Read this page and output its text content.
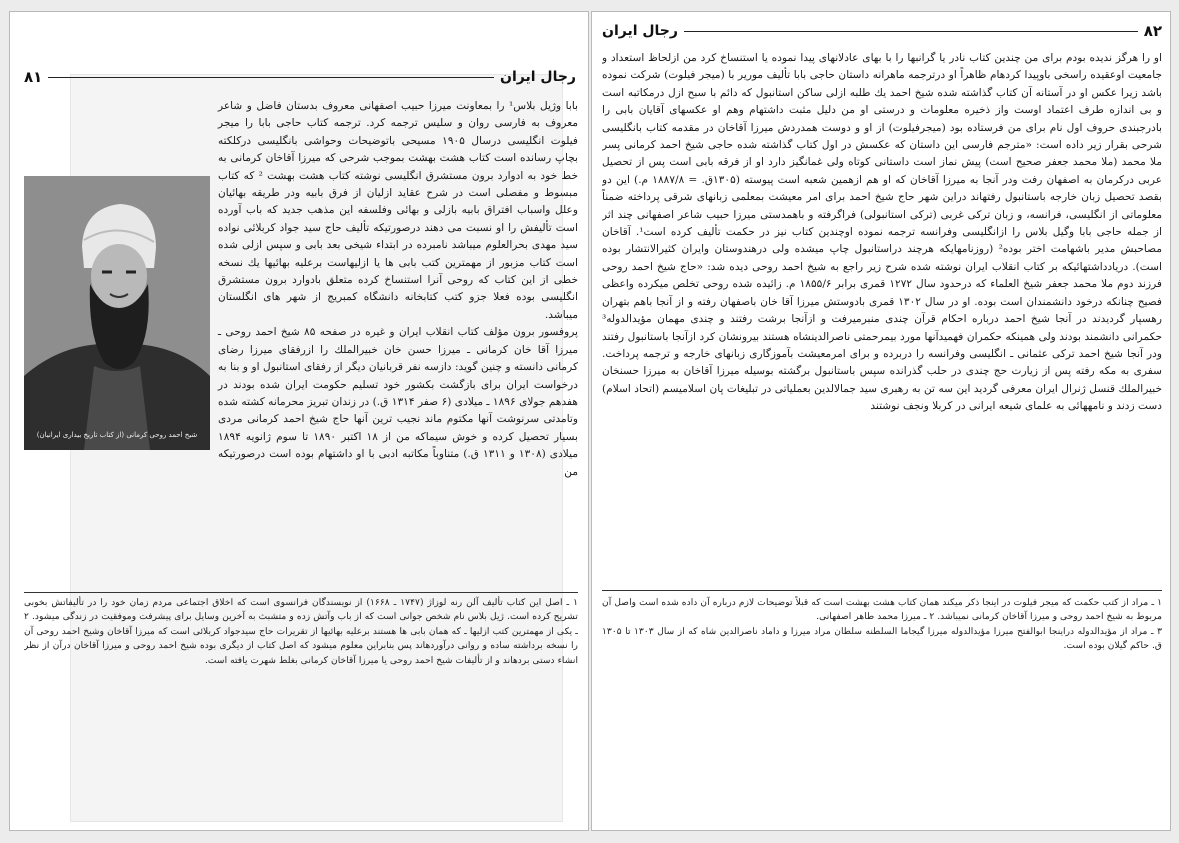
رجال ایران
۸۱
شیخ احمد روحی کرمانی (از کتاب تاریخ بیداری ایرانیان)

بابا وژیل بلاس¹ را بمعاونت میرزا حبیب اصفهانی معروف بدستان فاضل و شاعر معروف به فارسی روان و سلیس ترجمه کرد. ترجمه کتاب حاجی بابا را میجر فیلوت انگلیسی درسال ۱۹۰۵ مسیحی باتوضیحات وحواشی بانگلیسی درکلکته بچاپ رسانده است کتاب هشت بهشت بموجب شرحی که میرزا آقاخان کرمانی به خط خود به ادوارد برون مستشرق انگلیسی نوشته کتاب هشت بهشت ² که کتاب مبسوط و مفصلی است در شرح عقاید ازلیان از فرق بابیه ودر طریقه بهائیان وعلل واسباب افتراق بابیه بازلی و بهائی وفلسفه این مذهب جدید که باب آورده است تألیفش را او نسبت می دهند درصورتیکه تألیف حاج سید جواد کربلائی نواده سید مهدی بحرالعلوم میباشد نامبرده در ابتداء شیخی بعد بابی و سپس ازلی شده است کتاب مزبور از مهمترین کتب بابی ها یا ازلیهاست برعلیه بهائیها یك نسخه خطی از این کتاب که روحی آنرا استنساخ کرده متعلق بادوارد برون مستشرق انگلیسی بوده فعلا جزو کتب کتابخانه دانشگاه کمبریج از شهر های انگلستان میباشد.

پروفسور برون مؤلف کتاب انقلاب ایران و غیره در صفحه ۸۵ شیخ احمد روحی ـ میرزا آقا خان کرمانی ـ میرزا حسن خان خبیرالملك را ازرفقای میرزا رضای کرمانی دانسته و چنین گوید: دازسه نفر قربانیان دیگر از رفقای استانبول او و بنا به درخواست ایران برای بازگشت بکشور خود تسلیم حکومت ایران شده بودند در هفدهم جولای ۱۸۹۶ ـ میلادی (۶ صفر ۱۳۱۴ ق.) در زندان تبریز محرمانه کشته شده وتامدتی سرنوشت آنها مکتوم ماند نجیب ترین آنها حاج شیخ احمد کرمانی مردی بسیار تحصیل کرده و خوش سیماکه من از ۱۸ اکتبر ۱۸۹۰ تا سوم ژانویه ۱۸۹۴ میلادی (۱۳۰۸ و ۱۳۱۱ ق.) متناوباً مکاتبه ادبی با او داشتهام بوده است درصورتیکه من

۱ ـ اصل این کتاب تألیف آلن رنه لوزاژ (۱۷۴۷ ـ ۱۶۶۸) از نویسندگان فرانسوی است که اخلاق اجتماعی مردم زمان خود را در تألیفاتش بخوبی تشریح کرده است. ژیل بلاس نام شخص جوانی است که از باب وآتش زده و متشبث به آخرین وسایل برای پیشرفت وموفقیت در زندگی میشود. ۲ ـ یکی از مهمترین کتب ازلیها ـ که همان بابی ها هستند برعلیه بهائیها از تقریرات حاج سیدجواد کربلائی است که میرزا آقاخان وشیخ احمد روحی آن را نسخه برداشته ساده و روانی درآوردهاند پس بنابراین معلوم میشود که اصل کتاب از دیگری بوده شیخ احمد روحی و میرزا آقاخان درآن از نظر انشاء دستی بردهاند و از تألیفات شیخ احمد روحی یا میرزا آقاخان کرمانی بغلط شهرت یافته است.

۸۲
رجال ایران

او را هرگز ندیده بودم برای من چندین کتاب نادر یا گرانبها را با بهای عادلانهای پیدا نموده یا استنساخ کرد من ازلحاظ استعداد و جامعیت اوعقیده راسخی باوپیدا کردهام ظاهراً او درترجمه ماهرانه داستان حاجی بابا تألیف موریر با (میجر فیلوت) شرکت نموده باشد زیرا عکس او در آستانه آن کتاب گذاشته شده شیخ احمد یك طلبه ازلی ساکن استانبول که دائم با سبح ازل درمکاتبه است و بی اندازه طرف اعتماد اوست واز ذخیره معلومات و درستی او من دلیل مثبت داشتهام وهم او عکسهای آقایان بابی را بادرجبندی حروف اول نام برای من فرستاده بود (میجرفیلوت) از او و دوست همدردش میرزا آقاخان در مقدمه کتاب بانگلیسی شرحی بقرار زیر داده است: «مترجم فارسی این داستان که عکسش در اول کتاب گذاشته شده حاجی شیخ احمد کرمانی پسر ملا محمد (ملا محمد جعفر صحیح است) پیش نماز است داستانی کوتاه ولی غمانگیز دارد او از فرقه بابی است پس از تحصیل عربی درکرمان به اصفهان رفت ودر آنجا به میرزا آقاخان که او هم ازهمین شعبه است پیوسته (۱۳۰۵ق. = ۱۸۸۷/۸ م.) این دو بقصد تحصیل زبان خارجه باستانبول رفتهاند دراین شهر حاج شیخ احمد برای امر معیشت بمعلمی زبانهای شرقی پرداخته ضمناً معلوماتی از انگلیسی، فرانسه، و زبان ترکی غربی (ترکی استانبولی) فراگرفته و باهمدستی میرزا حبیب شاعر اصفهانی چند اثر از جمله حاجی بابا وگیل بلاس را ازانگلیسی وفرانسه ترجمه نموده اوچندین کتاب نیز در حکمت تألیف کرده است¹. آقاخان مصاحبش مدیر باشهامت اختر بوده² (روزنامهایکه هرچند دراستانبول چاپ میشده ولی درهندوستان وایران کثیرالانتشار بوده است). دریادداشتهائیکه بر کتاب انقلاب ایران نوشته شده شرح زیر راجع به شیخ احمد روحی دیده شد: «حاج شیخ احمد روحی فرزند دوم ملا محمد جعفر شیخ العلماء که درحدود سال ۱۲۷۲ قمری برابر ۱۸۵۵/۶ م. زائیده شده روحی تخلص میکرده واعظی فصیح چنانکه درخود دانشمندان است بوده. او در سال ۱۳۰۲ قمری بادوستش میرزا آقا خان باصفهان رفته و از آنجا باهم بتهران رهسپار گردیدند در آنجا شیخ احمد درباره احکام قرآن چندی منبرمیرفت و ازآنجا برشت رفتند و چندی مهمان مؤیدالدوله³ حکمرانی دانشمند بودند ولی همینکه حکمران فهمیدآنها مورد بیمرحمتی ناصرالدینشاه هستند بیرونشان کرد ازآنجا باستانبول رفتند ودر آنجا شیخ احمد ترکی عثمانی ـ انگلیسی وفرانسه را دربرده و برای امرمعیشت بآموزگاری زبانهای خارجه و ترجمه پرداخت. سفری به مکه رفته پس از زیارت حج چندی در حلب گذرانده سپس باستانبول برگشته بوسیله میرزا آقاخان به میرزا حسنخان خبیرالملك قنسل ژنرال ایران معرفی گردید این سه تن به رهبری سید جمالالدین بعملیاتی در تبلیغات پان اسلامیسم (اتحاد اسلام) دست زدند و نامههائی به علمای شیعه ایرانی در کربلا ونجف نوشتند

۱ ـ مراد از کتب حکمت که میجر فیلوت در اینجا ذکر میکند همان کتاب هشت بهشت است که قبلاً توضیحات لازم درباره آن داده شده است واصل آن مربوط به شیخ احمد روحی و میرزا آقاخان کرمانی نمیباشد. ۲ ـ میرزا محمد طاهر اصفهانی.

۳ ـ مراد از مؤیدالدوله دراینجا ابوالفتح میرزا مؤیدالدوله میرزا گیجاما السلطنه سلطان مراد میرزا و داماد ناصرالدین شاه که از سال ۱۳۰۳ تا ۱۳۰۵ ق. حاکم گیلان بوده است.
